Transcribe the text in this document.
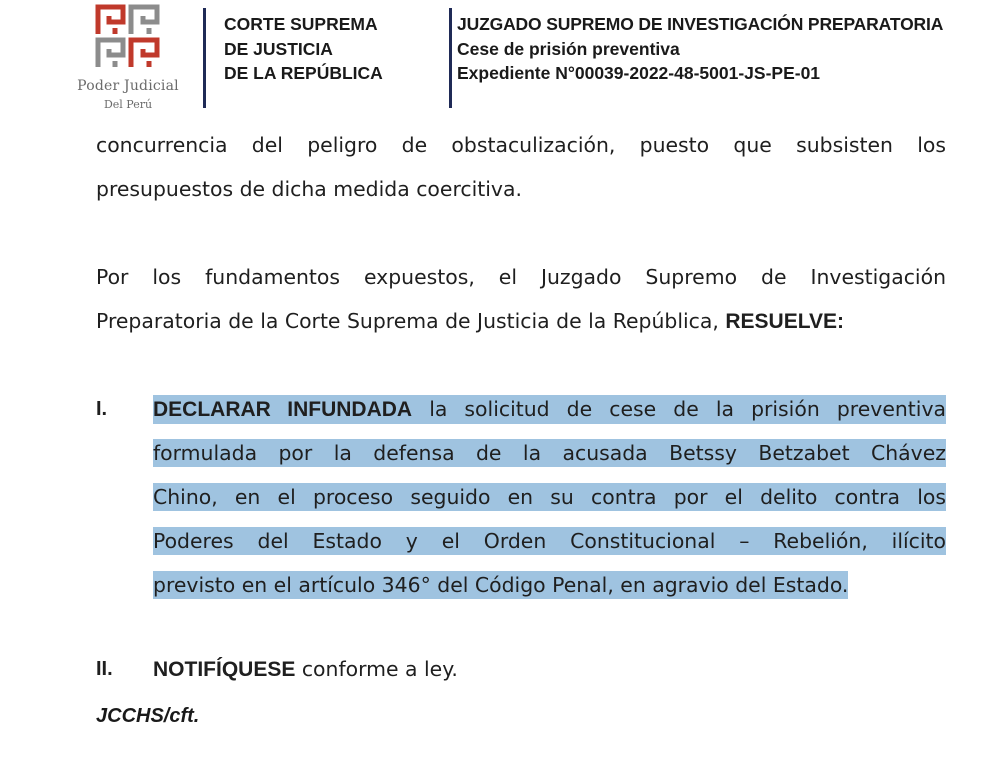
Poder Judicial
Del Perú
CORTE SUPREMA
DE JUSTICIA
DE LA REPÚBLICA
JUZGADO SUPREMO DE INVESTIGACIÓN PREPARATORIA
Cese de prisión preventiva
Expediente N°00039-2022-48-5001-JS-PE-01
concurrencia del peligro de obstaculización, puesto que subsisten los
presupuestos de dicha medida coercitiva.
Por los fundamentos expuestos, el Juzgado Supremo de Investigación
Preparatoria de la Corte Suprema de Justicia de la República, RESUELVE:
I. DECLARAR INFUNDADA la solicitud de cese de la prisión preventiva
formulada por la defensa de la acusada Betssy Betzabet Chávez
Chino, en el proceso seguido en su contra por el delito contra los
Poderes del Estado y el Orden Constitucional – Rebelión, ilícito
previsto en el artículo 346° del Código Penal, en agravio del Estado.
II. NOTIFÍQUESE conforme a ley.
JCCHS/cft.
